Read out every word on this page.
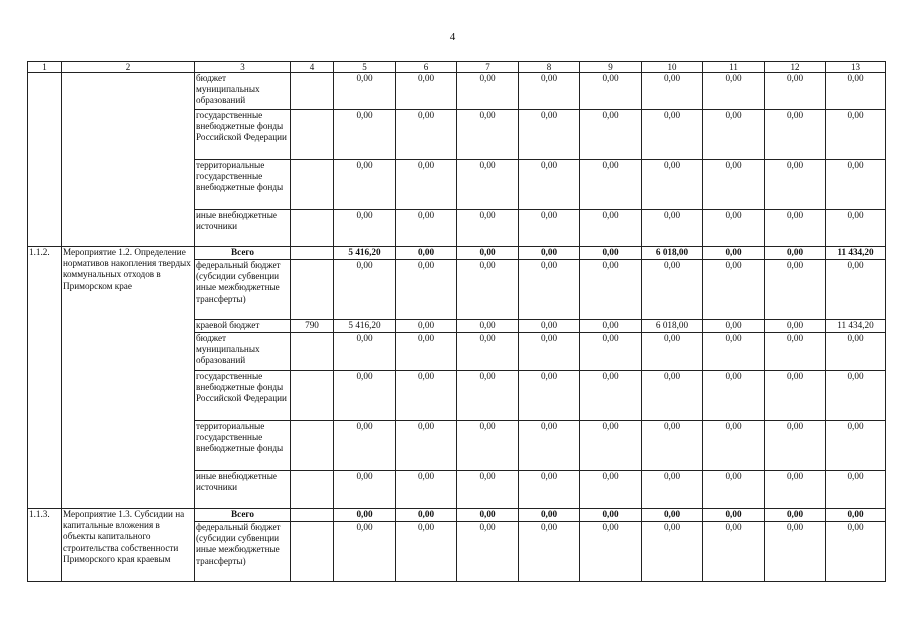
4
1	2	3	4	5	6	7	8	9	10	11	12	13
		бюджет муниципальных образований		0,00	0,00	0,00	0,00	0,00	0,00	0,00	0,00	0,00
		государственные внебюджетные фонды Российской Федерации		0,00	0,00	0,00	0,00	0,00	0,00	0,00	0,00	0,00
		территориальные государственные внебюджетные фонды		0,00	0,00	0,00	0,00	0,00	0,00	0,00	0,00	0,00
		иные внебюджетные источники		0,00	0,00	0,00	0,00	0,00	0,00	0,00	0,00	0,00
1.1.2.	Мероприятие 1.2. Определение нормативов накопления твердых коммунальных отходов в Приморском крае	Всего		5 416,20	0,00	0,00	0,00	0,00	6 018,00	0,00	0,00	11 434,20
		федеральный бюджет (субсидии субвенции иные межбюджетные трансферты)		0,00	0,00	0,00	0,00	0,00	0,00	0,00	0,00	0,00
		краевой бюджет	790	5 416,20	0,00	0,00	0,00	0,00	6 018,00	0,00	0,00	11 434,20
		бюджет муниципальных образований		0,00	0,00	0,00	0,00	0,00	0,00	0,00	0,00	0,00
		государственные внебюджетные фонды Российской Федерации		0,00	0,00	0,00	0,00	0,00	0,00	0,00	0,00	0,00
		территориальные государственные внебюджетные фонды		0,00	0,00	0,00	0,00	0,00	0,00	0,00	0,00	0,00
		иные внебюджетные источники		0,00	0,00	0,00	0,00	0,00	0,00	0,00	0,00	0,00
1.1.3.	Мероприятие 1.3. Субсидии на капитальные вложения в объекты капитального строительства собственности Приморского края краевым	Всего		0,00	0,00	0,00	0,00	0,00	0,00	0,00	0,00	0,00
		федеральный бюджет (субсидии субвенции иные межбюджетные трансферты)		0,00	0,00	0,00	0,00	0,00	0,00	0,00	0,00	0,00
